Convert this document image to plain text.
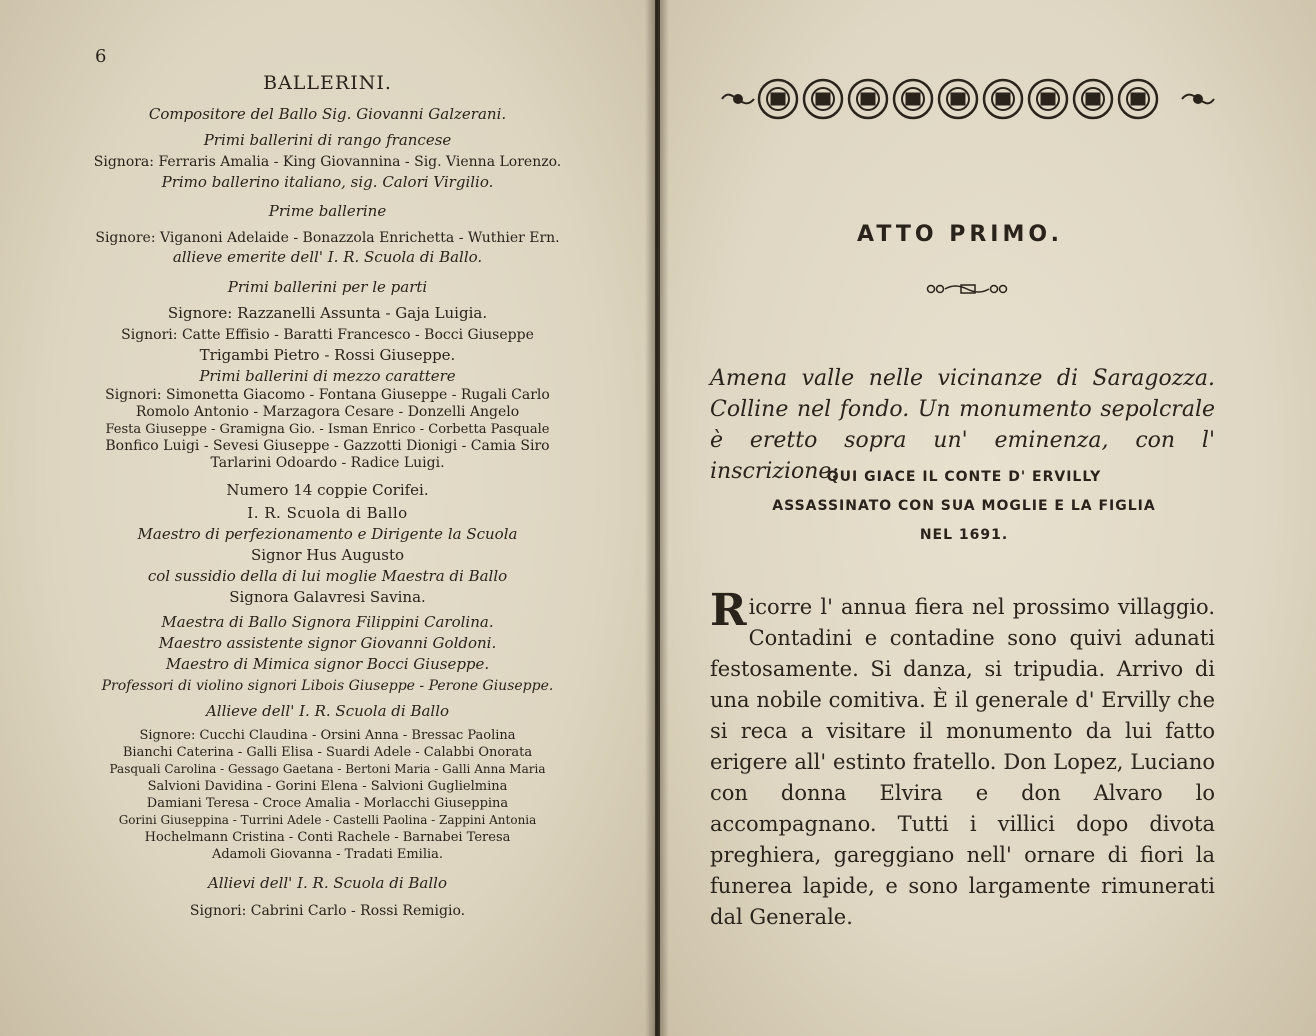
6
BALLERINI.
Compositore del Ballo Sig. Giovanni Galzerani.
Primi ballerini di rango francese
Signora: Ferraris Amalia - King Giovannina - Sig. Vienna Lorenzo.
Primo ballerino italiano, sig. Calori Virgilio.
Prime ballerine
Signore: Viganoni Adelaide - Bonazzola Enrichetta - Wuthier Ern.
allieve emerite dell' I. R. Scuola di Ballo.
Primi ballerini per le parti
Signore: Razzanelli Assunta - Gaja Luigia.
Signori: Catte Effisio - Baratti Francesco - Bocci Giuseppe
Trigambi Pietro - Rossi Giuseppe.
Primi ballerini di mezzo carattere
Signori: Simonetta Giacomo - Fontana Giuseppe - Rugali Carlo
Romolo Antonio - Marzagora Cesare - Donzelli Angelo
Festa Giuseppe - Gramigna Gio. - Isman Enrico - Corbetta Pasquale
Bonfico Luigi - Sevesi Giuseppe - Gazzotti Dionigi - Camia Siro
Tarlarini Odoardo - Radice Luigi.
Numero 14 coppie Corifei.
I. R. Scuola di Ballo
Maestro di perfezionamento e Dirigente la Scuola
Signor Hus Augusto
col sussidio della di lui moglie Maestra di Ballo
Signora Galavresi Savina.
Maestra di Ballo Signora Filippini Carolina.
Maestro assistente signor Giovanni Goldoni.
Maestro di Mimica signor Bocci Giuseppe.
Professori di violino signori Libois Giuseppe - Perone Giuseppe.
Allieve dell' I. R. Scuola di Ballo
Signore: Cucchi Claudina - Orsini Anna - Bressac Paolina
Bianchi Caterina - Galli Elisa - Suardi Adele - Calabbi Onorata
Pasquali Carolina - Gessago Gaetana - Bertoni Maria - Galli Anna Maria
Salvioni Davidina - Gorini Elena - Salvioni Guglielmina
Damiani Teresa - Croce Amalia - Morlacchi Giuseppina
Gorini Giuseppina - Turrini Adele - Castelli Paolina - Zappini Antonia
Hochelmann Cristina - Conti Rachele - Barnabei Teresa
Adamoli Giovanna - Tradati Emilia.
Allievi dell' I. R. Scuola di Ballo
Signori: Cabrini Carlo - Rossi Remigio.
ATTO PRIMO.
Amena valle nelle vicinanze di Saragozza. Colline nel fondo. Un monumento sepolcrale è eretto sopra un' eminenza, con l' inscrizione:
QUI GIACE IL CONTE D' ERVILLY
ASSASSINATO CON SUA MOGLIE E LA FIGLIA
NEL 1691.
Ricorre l' annua fiera nel prossimo villaggio. Contadini e contadine sono quivi adunati festosamente. Si danza, si tripudia. Arrivo di una nobile comitiva. È il generale d' Ervilly che si reca a visitare il monumento da lui fatto erigere all' estinto fratello. Don Lopez, Luciano con donna Elvira e don Alvaro lo accompagnano. Tutti i villici dopo divota preghiera, gareggiano nell' ornare di fiori la funerea lapide, e sono largamente rimunerati dal Generale.
